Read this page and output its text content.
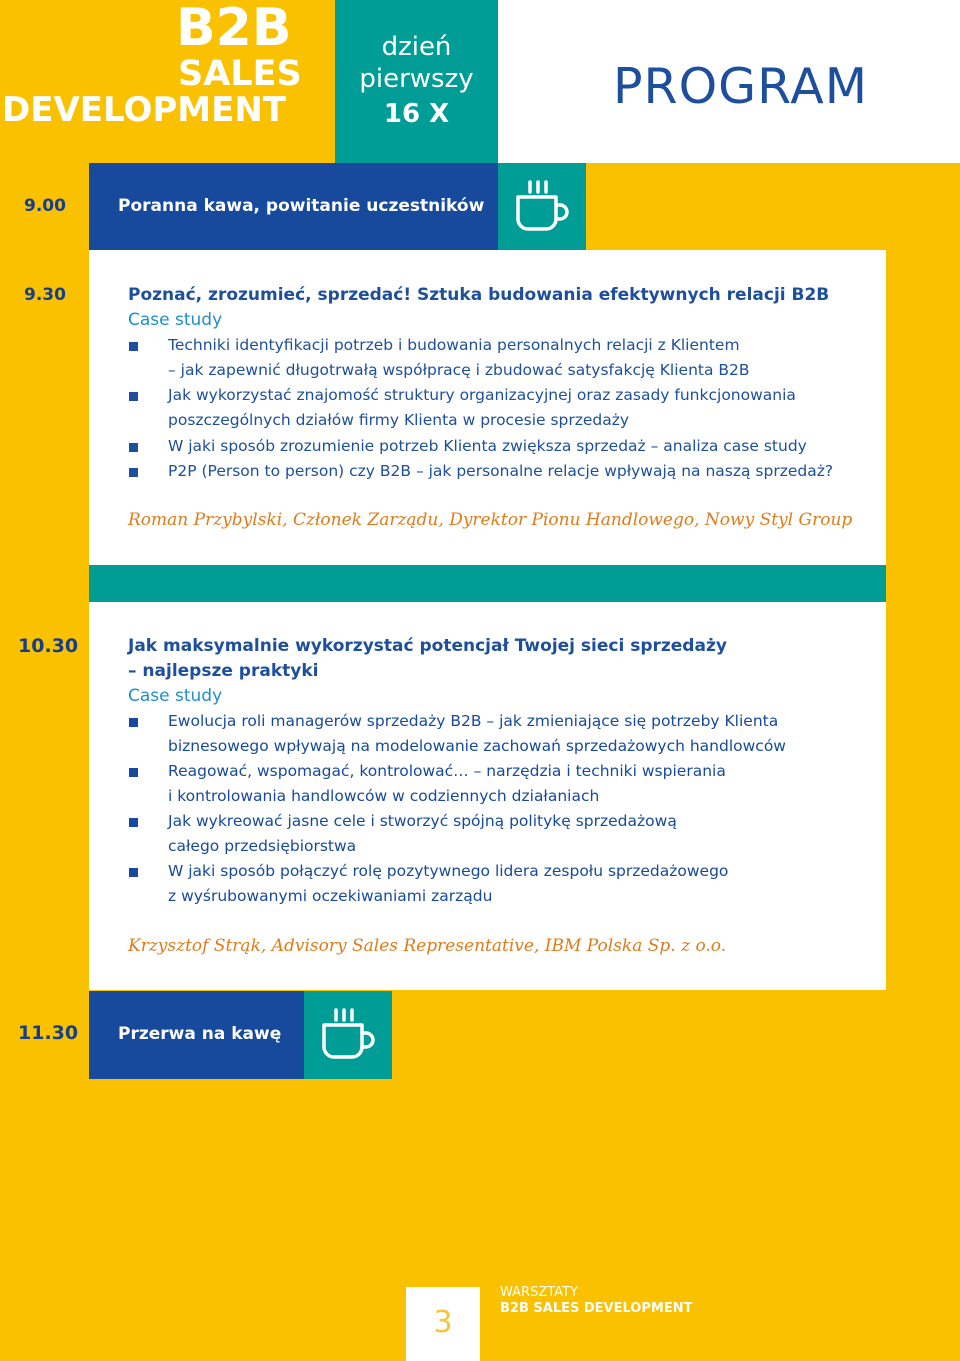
B2B
SALES
DEVELOPMENT
dzień
pierwszy
16 X	PROGRAM
9.00	Poranna kawa, powitanie uczestników
9.30	Poznać, zrozumieć, sprzedać! Sztuka budowania efektywnych relacji B2B
Case study
Techniki identyfikacji potrzeb i budowania personalnych relacji z Klientem
– jak zapewnić długotrwałą współpracę i zbudować satysfakcję Klienta B2B
Jak wykorzystać znajomość struktury organizacyjnej oraz zasady funkcjonowania
poszczególnych działów firmy Klienta w procesie sprzedaży
W jaki sposób zrozumienie potrzeb Klienta zwiększa sprzedaż – analiza case study
P2P (Person to person) czy B2B – jak personalne relacje wpływają na naszą sprzedaż?
Roman Przybylski, Członek Zarządu, Dyrektor Pionu Handlowego, Nowy Styl Group
10.30	Jak maksymalnie wykorzystać potencjał Twojej sieci sprzedaży
– najlepsze praktyki
Case study
Ewolucja roli managerów sprzedaży B2B – jak zmieniające się potrzeby Klienta
biznesowego wpływają na modelowanie zachowań sprzedażowych handlowców
Reagować, wspomagać, kontrolować… – narzędzia i techniki wspierania
i kontrolowania handlowców w codziennych działaniach
Jak wykreować jasne cele i stworzyć spójną politykę sprzedażową
całego przedsiębiorstwa
W jaki sposób połączyć rolę pozytywnego lidera zespołu sprzedażowego
z wyśrubowanymi oczekiwaniami zarządu
Krzysztof Strąk, Advisory Sales Representative, IBM Polska Sp. z o.o.
11.30 Przerwa na kawę
3
WARSZTATY
B2B SALES DEVELOPMENT
